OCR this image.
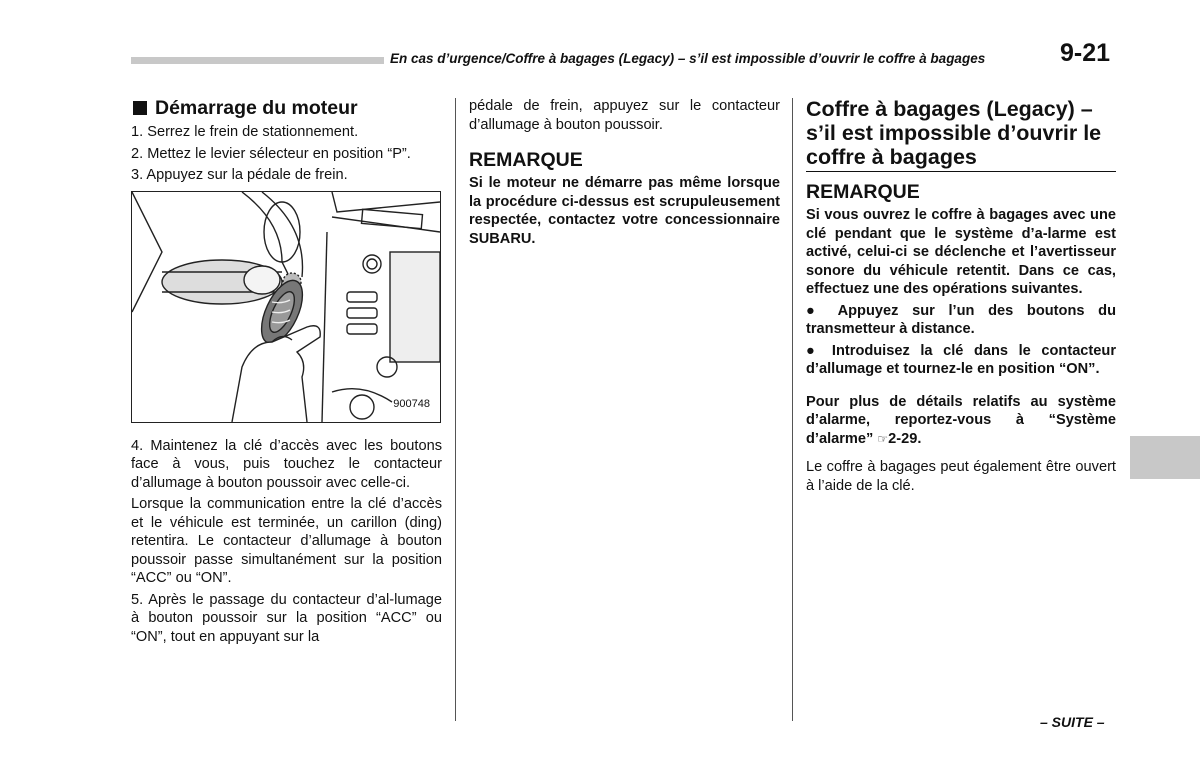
En cas d’urgence/Coffre à bagages (Legacy) – s’il est impossible d’ouvrir le coffre à bagages	9-21
Démarrage du moteur

1. Serrez le frein de stationnement.

2. Mettez le levier sélecteur en position “P”.

3. Appuyez sur la pédale de frein.

900748

4. Maintenez la clé d’accès avec les boutons face à vous, puis touchez le contacteur d’allumage à bouton poussoir avec celle-ci.

Lorsque la communication entre la clé d’accès et le véhicule est terminée, un carillon (ding) retentira. Le contacteur d’allumage à bouton poussoir passe simultanément sur la position “ACC” ou “ON”.

5. Après le passage du contacteur d’al-lumage à bouton poussoir sur la position “ACC” ou “ON”, tout en appuyant sur la

pédale de frein, appuyez sur le contacteur d’allumage à bouton poussoir.

REMARQUE

Si le moteur ne démarre pas même lorsque la procédure ci-dessus est scrupuleusement respectée, contactez votre concessionnaire SUBARU.

Coffre à bagages (Legacy) – s’il est impossible d’ouvrir le coffre à bagages

REMARQUE

Si vous ouvrez le coffre à bagages avec une clé pendant que le système d’a-larme est activé, celui-ci se déclenche et l’avertisseur sonore du véhicule retentit. Dans ce cas, effectuez une des opérations suivantes.

● Appuyez sur l’un des boutons du transmetteur à distance.

● Introduisez la clé dans le contacteur d’allumage et tournez-le en position “ON”.

Pour plus de détails relatifs au système d’alarme, reportez-vous à “Système d’alarme” ☞2-29.

Le coffre à bagages peut également être ouvert à l’aide de la clé.

– SUITE –
